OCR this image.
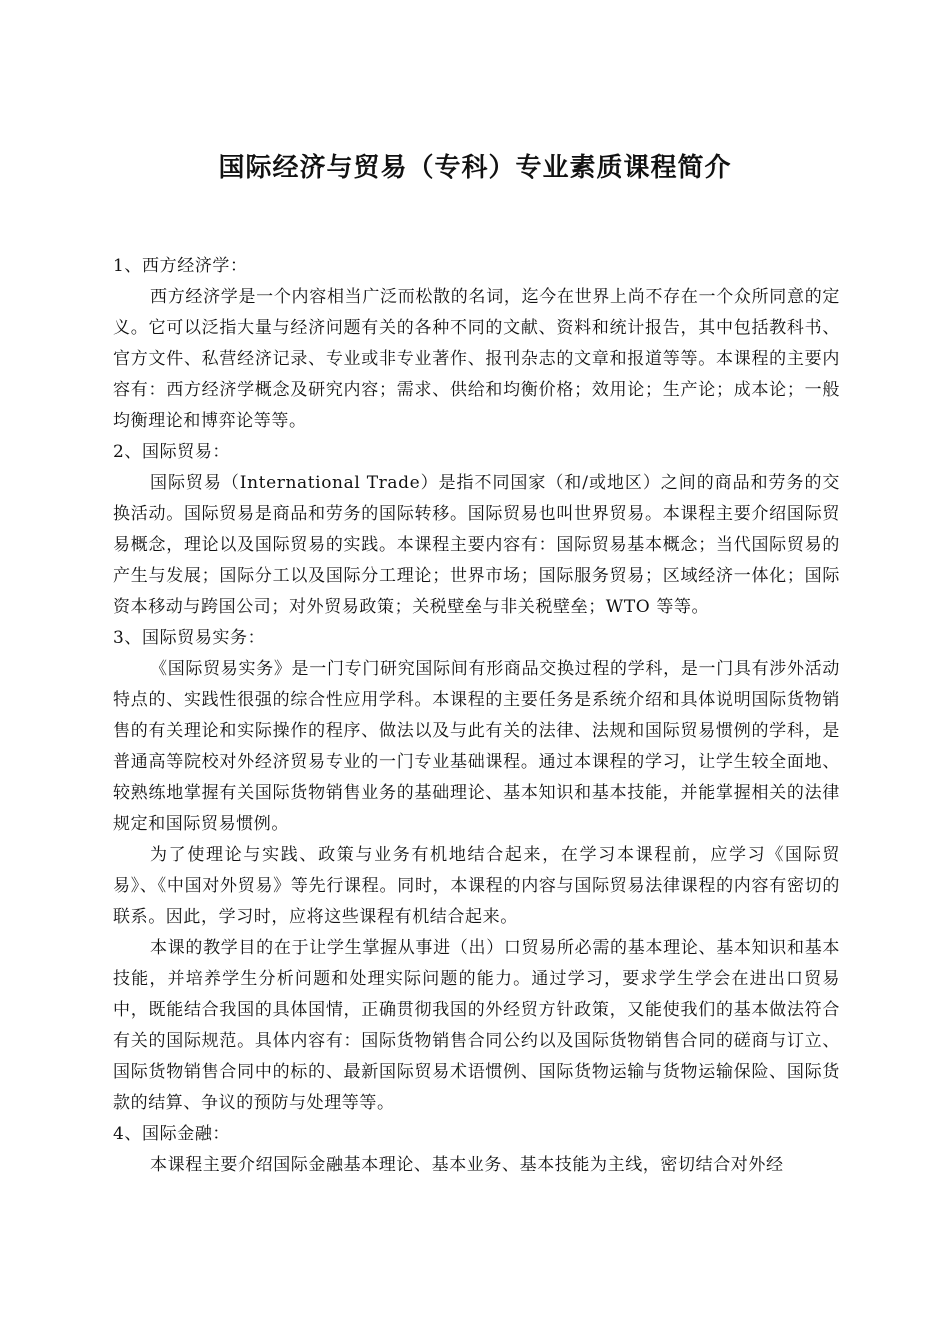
国际经济与贸易（专科）专业素质课程简介

1、西方经济学：

西方经济学是一个内容相当广泛而松散的名词，迄今在世界上尚不存在一个众所同意的定义。它可以泛指大量与经济问题有关的各种不同的文献、资料和统计报告，其中包括教科书、官方文件、私营经济记录、专业或非专业著作、报刊杂志的文章和报道等等。本课程的主要内容有：西方经济学概念及研究内容；需求、供给和均衡价格；效用论；生产论；成本论；一般均衡理论和博弈论等等。

2、国际贸易：

国际贸易（International Trade）是指不同国家（和/或地区）之间的商品和劳务的交换活动。国际贸易是商品和劳务的国际转移。国际贸易也叫世界贸易。本课程主要介绍国际贸易概念，理论以及国际贸易的实践。本课程主要内容有：国际贸易基本概念；当代国际贸易的产生与发展；国际分工以及国际分工理论；世界市场；国际服务贸易；区域经济一体化；国际资本移动与跨国公司；对外贸易政策；关税壁垒与非关税壁垒；WTO 等等。

3、国际贸易实务：

《国际贸易实务》是一门专门研究国际间有形商品交换过程的学科，是一门具有涉外活动特点的、实践性很强的综合性应用学科。本课程的主要任务是系统介绍和具体说明国际货物销售的有关理论和实际操作的程序、做法以及与此有关的法律、法规和国际贸易惯例的学科，是普通高等院校对外经济贸易专业的一门专业基础课程。通过本课程的学习，让学生较全面地、较熟练地掌握有关国际货物销售业务的基础理论、基本知识和基本技能，并能掌握相关的法律规定和国际贸易惯例。

为了使理论与实践、政策与业务有机地结合起来，在学习本课程前，应学习《国际贸易》、《中国对外贸易》等先行课程。同时，本课程的内容与国际贸易法律课程的内容有密切的联系。因此，学习时，应将这些课程有机结合起来。

本课的教学目的在于让学生掌握从事进（出）口贸易所必需的基本理论、基本知识和基本技能，并培养学生分析问题和处理实际问题的能力。通过学习，要求学生学会在进出口贸易中，既能结合我国的具体国情，正确贯彻我国的外经贸方针政策，又能使我们的基本做法符合有关的国际规范。具体内容有：国际货物销售合同公约以及国际货物销售合同的磋商与订立、国际货物销售合同中的标的、最新国际贸易术语惯例、国际货物运输与货物运输保险、国际货款的结算、争议的预防与处理等等。

4、国际金融：

本课程主要介绍国际金融基本理论、基本业务、基本技能为主线，密切结合对外经
